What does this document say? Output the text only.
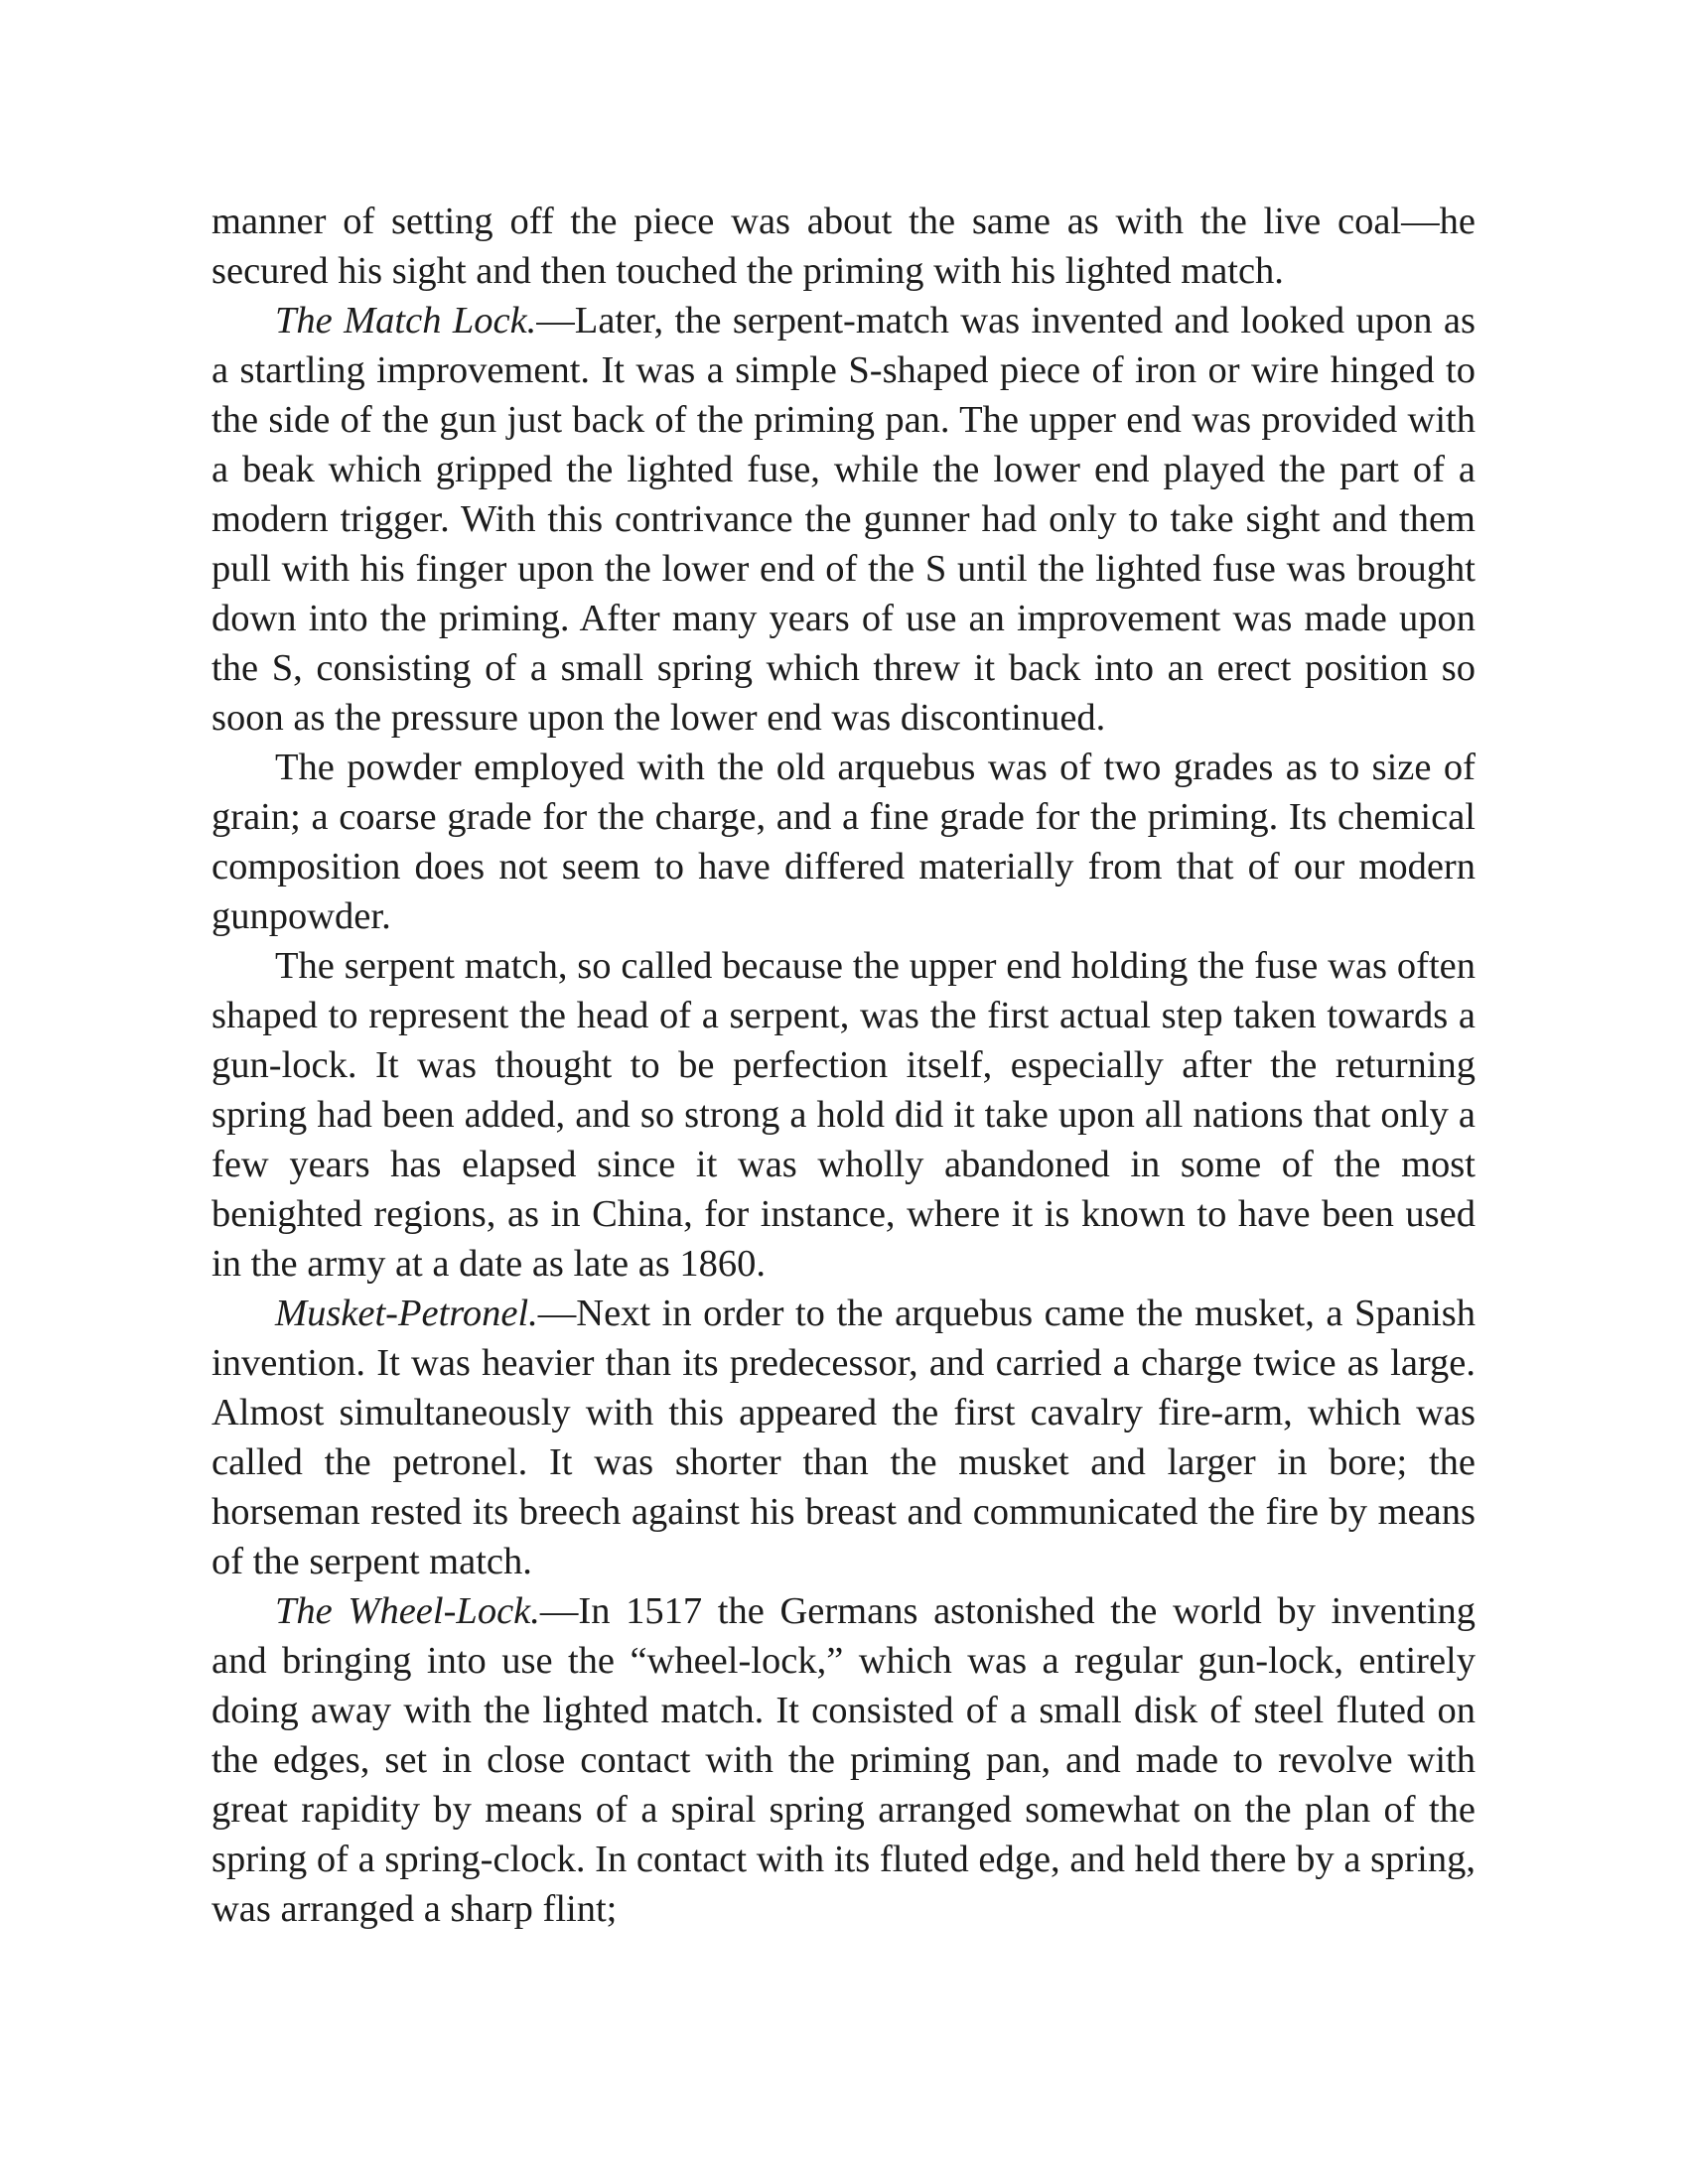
manner of setting off the piece was about the same as with the live coal—he secured his sight and then touched the priming with his lighted match.

The Match Lock.—Later, the serpent-match was invented and looked upon as a startling improvement. It was a simple S-shaped piece of iron or wire hinged to the side of the gun just back of the priming pan. The upper end was provided with a beak which gripped the lighted fuse, while the lower end played the part of a modern trigger. With this contrivance the gunner had only to take sight and them pull with his finger upon the lower end of the S until the lighted fuse was brought down into the priming. After many years of use an improvement was made upon the S, consisting of a small spring which threw it back into an erect position so soon as the pressure upon the lower end was discontinued.

The powder employed with the old arquebus was of two grades as to size of grain; a coarse grade for the charge, and a fine grade for the priming. Its chemical composition does not seem to have differed materially from that of our modern gunpowder.

The serpent match, so called because the upper end holding the fuse was often shaped to represent the head of a serpent, was the first actual step taken towards a gun-lock. It was thought to be perfection itself, especially after the returning spring had been added, and so strong a hold did it take upon all nations that only a few years has elapsed since it was wholly abandoned in some of the most benighted regions, as in China, for instance, where it is known to have been used in the army at a date as late as 1860.

Musket-Petronel.—Next in order to the arquebus came the musket, a Spanish invention. It was heavier than its predecessor, and carried a charge twice as large. Almost simultaneously with this appeared the first cavalry fire-arm, which was called the petronel. It was shorter than the musket and larger in bore; the horseman rested its breech against his breast and communicated the fire by means of the serpent match.

The Wheel-Lock.—In 1517 the Germans astonished the world by inventing and bringing into use the “wheel-lock,” which was a regular gun-lock, entirely doing away with the lighted match. It consisted of a small disk of steel fluted on the edges, set in close contact with the priming pan, and made to revolve with great rapidity by means of a spiral spring arranged somewhat on the plan of the spring of a spring-clock. In contact with its fluted edge, and held there by a spring, was arranged a sharp flint;
